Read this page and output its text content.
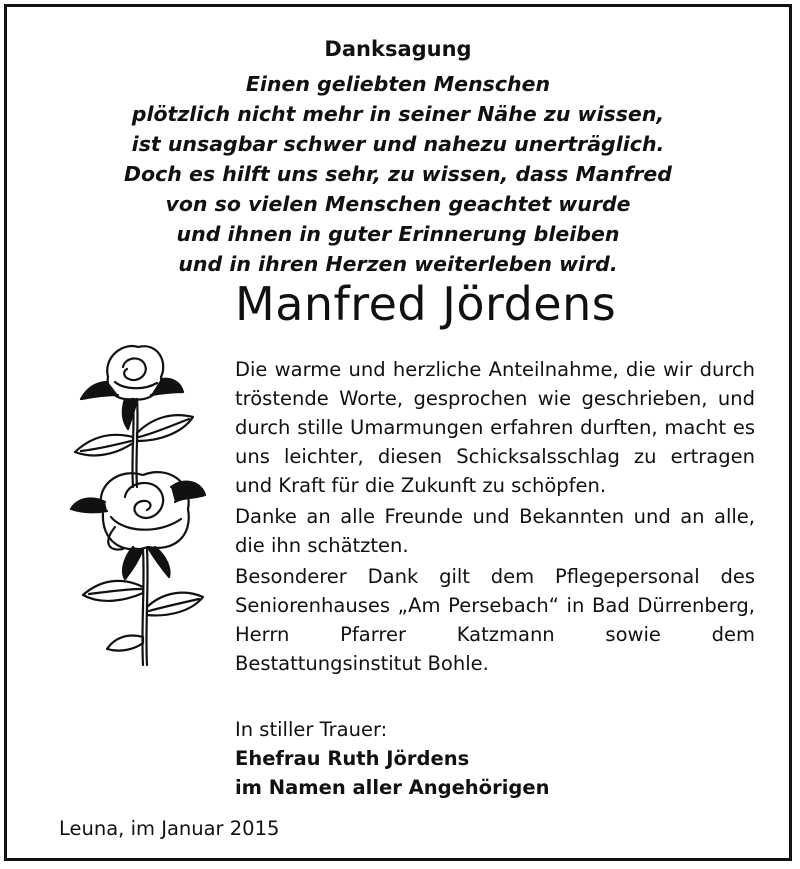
Danksagung
Einen geliebten Menschen
plötzlich nicht mehr in seiner Nähe zu wissen,
ist unsagbar schwer und nahezu unerträglich.
Doch es hilft uns sehr, zu wissen, dass Manfred
von so vielen Menschen geachtet wurde
und ihnen in guter Erinnerung bleiben
und in ihren Herzen weiterleben wird.
Manfred Jördens

Die warme und herzliche Anteilnahme, die wir durch tröstende Worte, gesprochen wie geschrieben, und durch stille Umarmungen erfahren durften, macht es uns leichter, diesen Schicksalsschlag zu ertragen und Kraft für die Zukunft zu schöpfen.

Danke an alle Freunde und Bekannten und an alle, die ihn schätzten.

Besonderer Dank gilt dem Pflegepersonal des Seniorenhauses „Am Persebach“ in Bad Dürrenberg, Herrn Pfarrer Katzmann sowie dem Bestattungsinstitut Bohle.

In stiller Trauer:
Ehefrau Ruth Jördens
im Namen aller Angehörigen
Leuna, im Januar 2015
